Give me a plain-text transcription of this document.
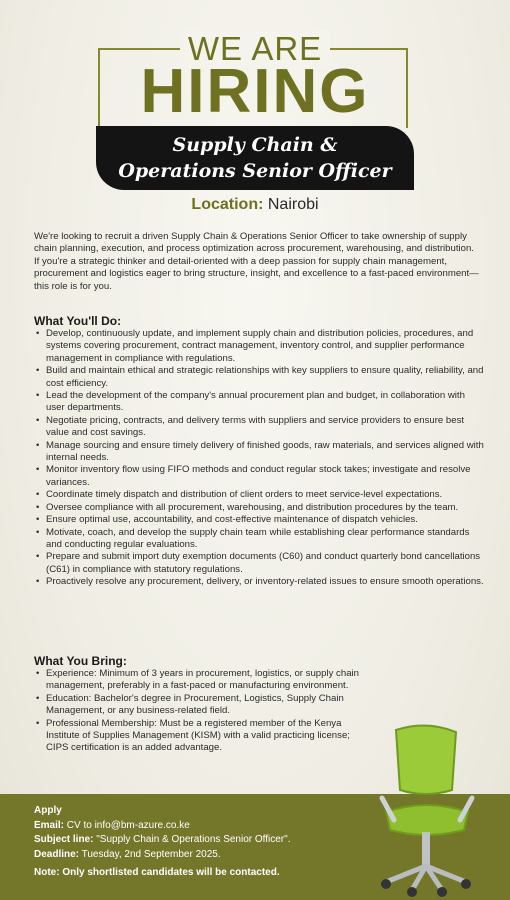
WE ARE
HIRING
Supply Chain &
Operations Senior Officer
Location: Nairobi
We're looking to recruit a driven Supply Chain & Operations Senior Officer to take ownership of supply chain planning, execution, and process optimization across procurement, warehousing, and distribution. If you're a strategic thinker and detail-oriented with a deep passion for supply chain management, procurement and logistics eager to bring structure, insight, and excellence to a fast-paced environment—this role is for you.
What You'll Do:
• Develop, continuously update, and implement supply chain and distribution policies, procedures, and systems covering procurement, contract management, inventory control, and supplier performance management in compliance with regulations.
• Build and maintain ethical and strategic relationships with key suppliers to ensure quality, reliability, and cost efficiency.
• Lead the development of the company's annual procurement plan and budget, in collaboration with user departments.
• Negotiate pricing, contracts, and delivery terms with suppliers and service providers to ensure best value and cost savings.
• Manage sourcing and ensure timely delivery of finished goods, raw materials, and services aligned with internal needs.
• Monitor inventory flow using FIFO methods and conduct regular stock takes; investigate and resolve variances.
• Coordinate timely dispatch and distribution of client orders to meet service-level expectations.
• Oversee compliance with all procurement, warehousing, and distribution procedures by the team.
• Ensure optimal use, accountability, and cost-effective maintenance of dispatch vehicles.
• Motivate, coach, and develop the supply chain team while establishing clear performance standards and conducting regular evaluations.
• Prepare and submit import duty exemption documents (C60) and conduct quarterly bond cancellations (C61) in compliance with statutory regulations.
• Proactively resolve any procurement, delivery, or inventory-related issues to ensure smooth operations.
What You Bring:
• Experience: Minimum of 3 years in procurement, logistics, or supply chain management, preferably in a fast-paced or manufacturing environment.
• Education: Bachelor's degree in Procurement, Logistics, Supply Chain Management, or any business-related field.
• Professional Membership: Must be a registered member of the Kenya Institute of Supplies Management (KISM) with a valid practicing license; CIPS certification is an added advantage.
Apply
Email: CV to info@bm-azure.co.ke
Subject line: "Supply Chain & Operations Senior Officer".
Deadline: Tuesday, 2nd September 2025.
Note: Only shortlisted candidates will be contacted.
